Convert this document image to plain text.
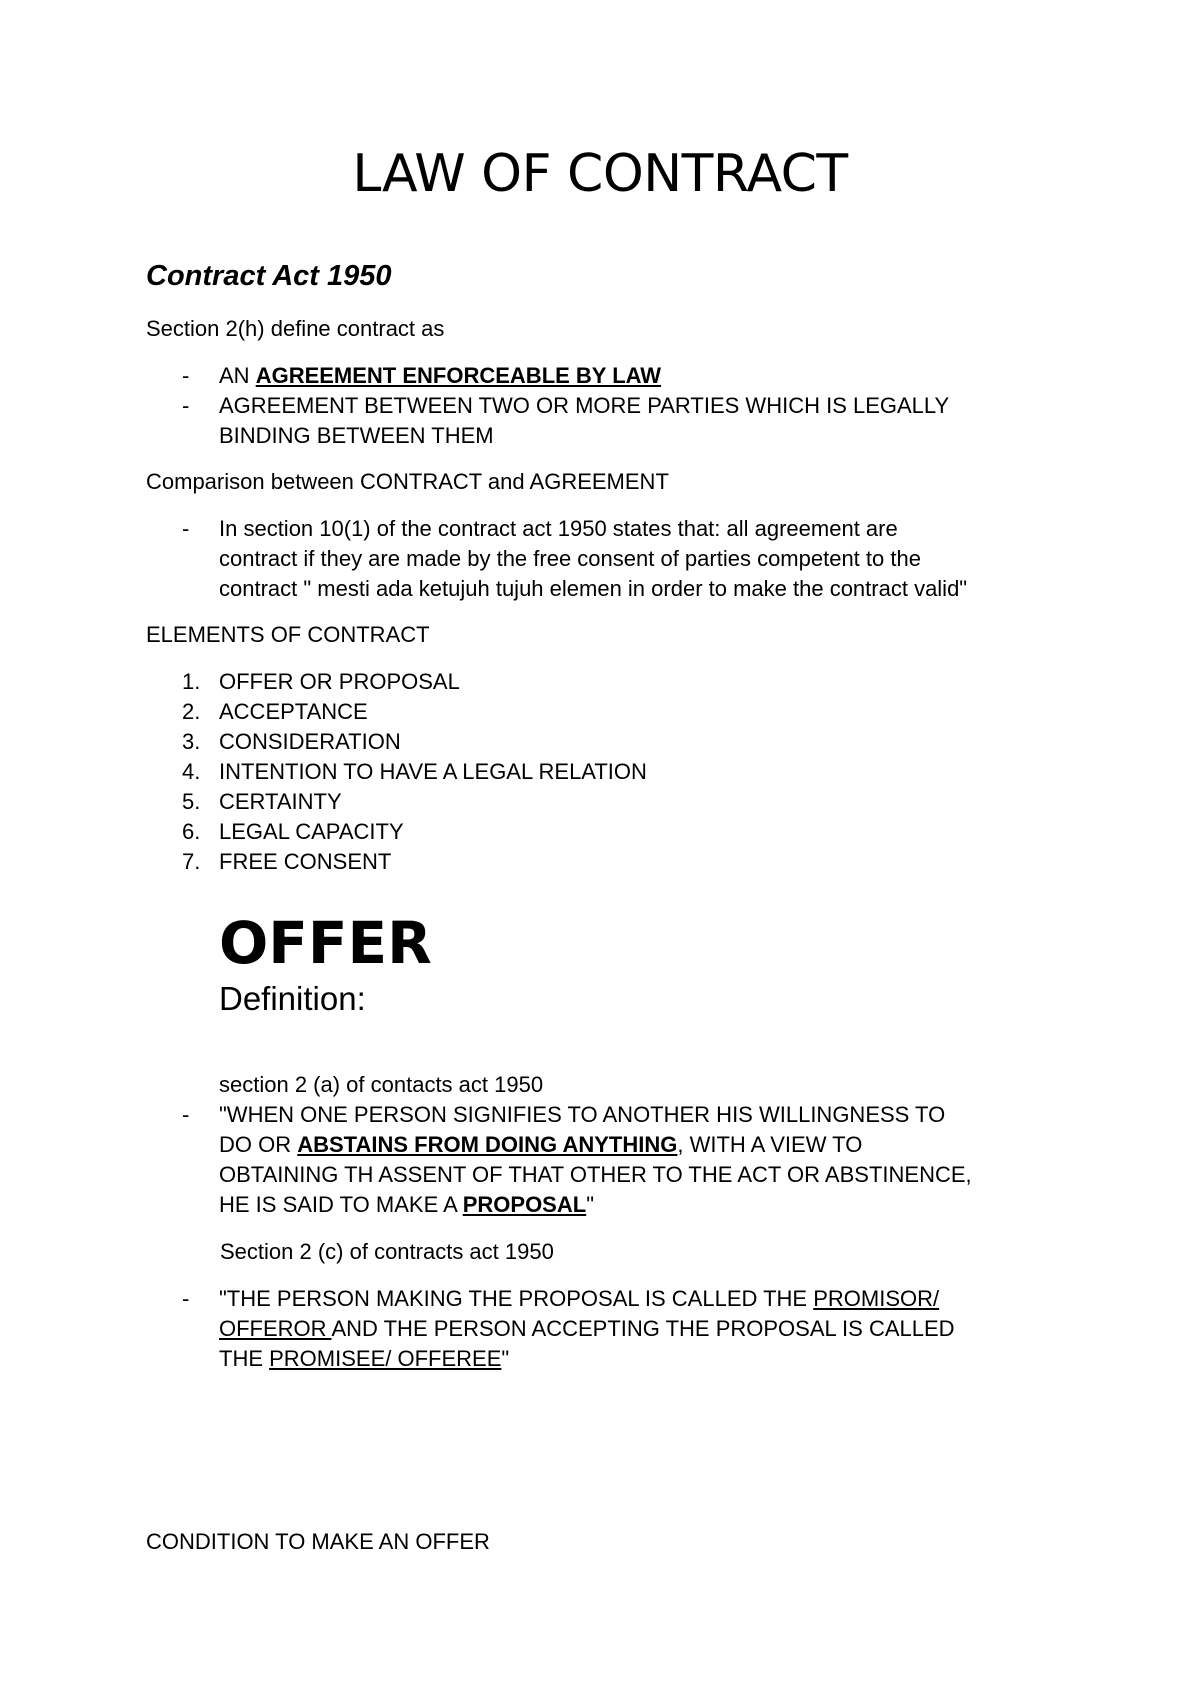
LAW OF CONTRACT
Contract Act 1950
Section 2(h) define contract as
- AN AGREEMENT ENFORCEABLE BY LAW
- AGREEMENT BETWEEN TWO OR MORE PARTIES WHICH IS LEGALLY
BINDING BETWEEN THEM
Comparison between CONTRACT and AGREEMENT
- In section 10(1) of the contract act 1950 states that: all agreement are
contract if they are made by the free consent of parties competent to the
contract " mesti ada ketujuh tujuh elemen in order to make the contract valid"
ELEMENTS OF CONTRACT
1. OFFER OR PROPOSAL
2. ACCEPTANCE
3. CONSIDERATION
4. INTENTION TO HAVE A LEGAL RELATION
5. CERTAINTY
6. LEGAL CAPACITY
7. FREE CONSENT
OFFER
Definition:
section 2 (a) of contacts act 1950
- "WHEN ONE PERSON SIGNIFIES TO ANOTHER HIS WILLINGNESS TO
DO OR ABSTAINS FROM DOING ANYTHING, WITH A VIEW TO
OBTAINING TH ASSENT OF THAT OTHER TO THE ACT OR ABSTINENCE,
HE IS SAID TO MAKE A PROPOSAL"
Section 2 (c) of contracts act 1950
- "THE PERSON MAKING THE PROPOSAL IS CALLED THE PROMISOR/
OFFEROR AND THE PERSON ACCEPTING THE PROPOSAL IS CALLED
THE PROMISEE/ OFFEREE"
CONDITION TO MAKE AN OFFER
